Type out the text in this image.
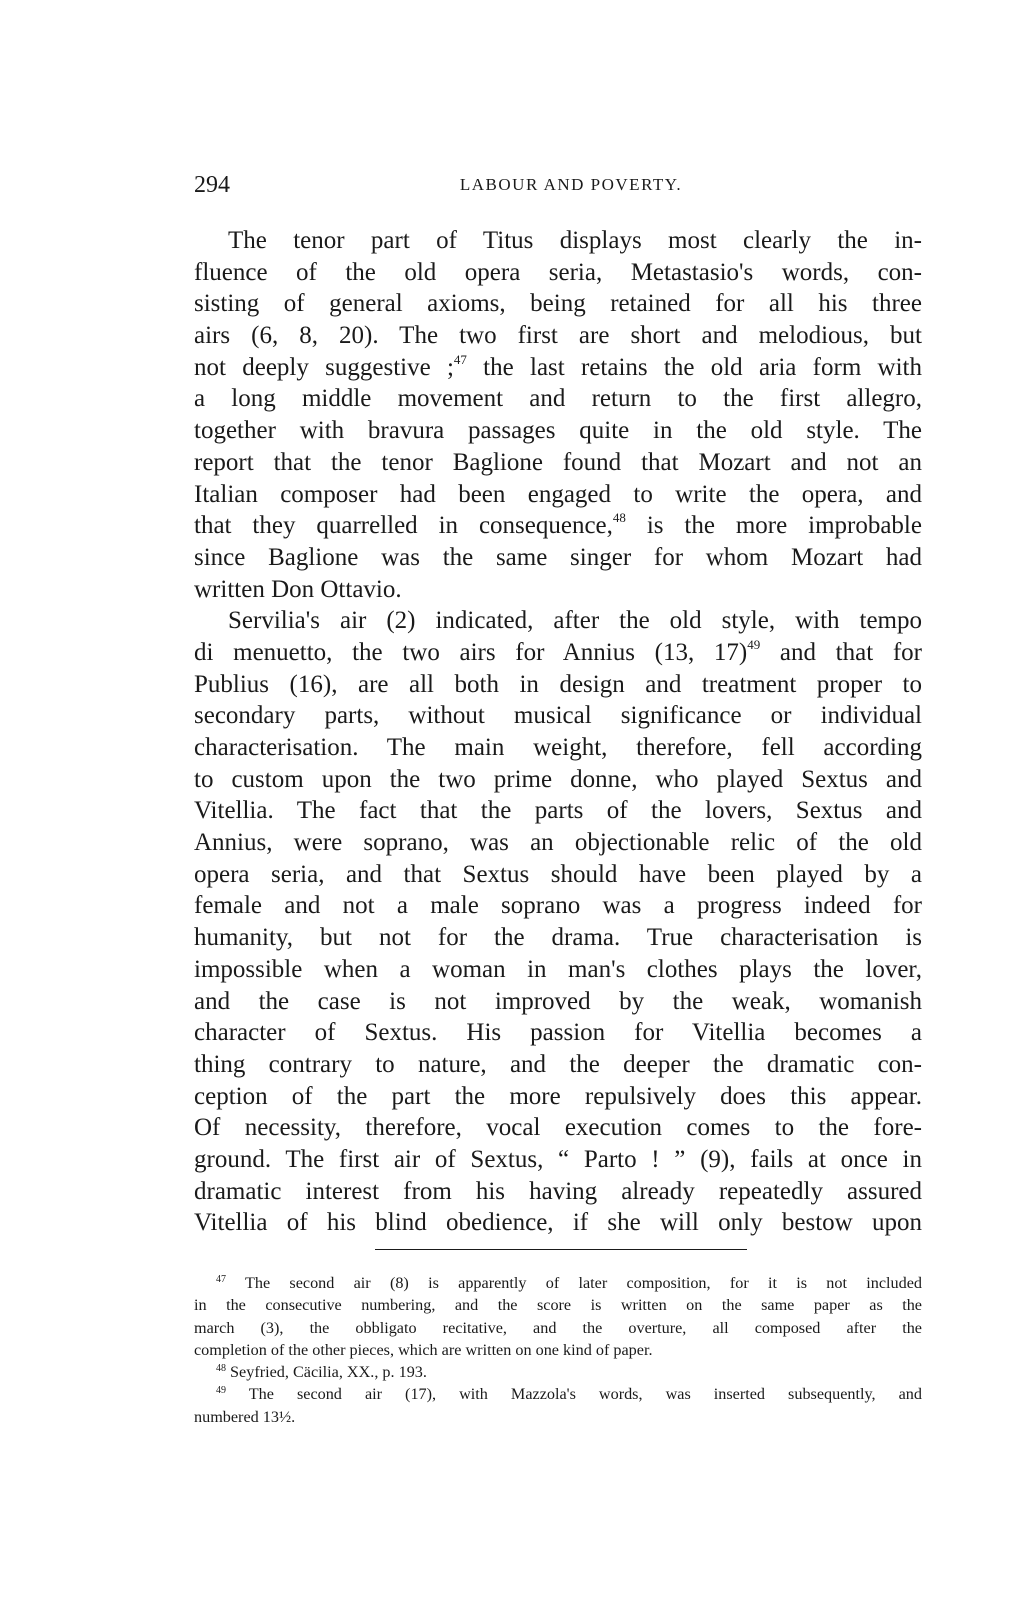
294	LABOUR AND POVERTY.
The tenor part of Titus displays most clearly the in-
fluence of the old opera seria, Metastasio's words, con-
sisting of general axioms, being retained for all his three
airs (6, 8, 20). The two first are short and melodious, but
not deeply suggestive ;$^{47}$ the last retains the old aria form with
a long middle movement and return to the first allegro,
together with bravura passages quite in the old style. The
report that the tenor Baglione found that Mozart and not an
Italian composer had been engaged to write the opera, and
that they quarrelled in consequence,$^{48}$ is the more improbable
since Baglione was the same singer for whom Mozart had
written Don Ottavio.
Servilia's air (2) indicated, after the old style, with tempo
di menuetto, the two airs for Annius (13, 17)$^{49}$ and that for
Publius (16), are all both in design and treatment proper to
secondary parts, without musical significance or individual
characterisation. The main weight, therefore, fell according
to custom upon the two prime donne, who played Sextus and
Vitellia. The fact that the parts of the lovers, Sextus and
Annius, were soprano, was an objectionable relic of the old
opera seria, and that Sextus should have been played by a
female and not a male soprano was a progress indeed for
humanity, but not for the drama. True characterisation is
impossible when a woman in man's clothes plays the lover,
and the case is not improved by the weak, womanish
character of Sextus. His passion for Vitellia becomes a
thing contrary to nature, and the deeper the dramatic con-
ception of the part the more repulsively does this appear.
Of necessity, therefore, vocal execution comes to the fore-
ground. The first air of Sextus, “ Parto ! ” (9), fails at once in
dramatic interest from his having already repeatedly assured
Vitellia of his blind obedience, if she will only bestow upon
$^{47}$ The second air (8) is apparently of later composition, for it is not included
in the consecutive numbering, and the score is written on the same paper as the
march (3), the obbligato recitative, and the overture, all composed after the
completion of the other pieces, which are written on one kind of paper.
$^{48}$ Seyfried, Cäcilia, XX., p. 193.
$^{49}$ The second air (17), with Mazzola's words, was inserted subsequently, and
numbered 13½.
